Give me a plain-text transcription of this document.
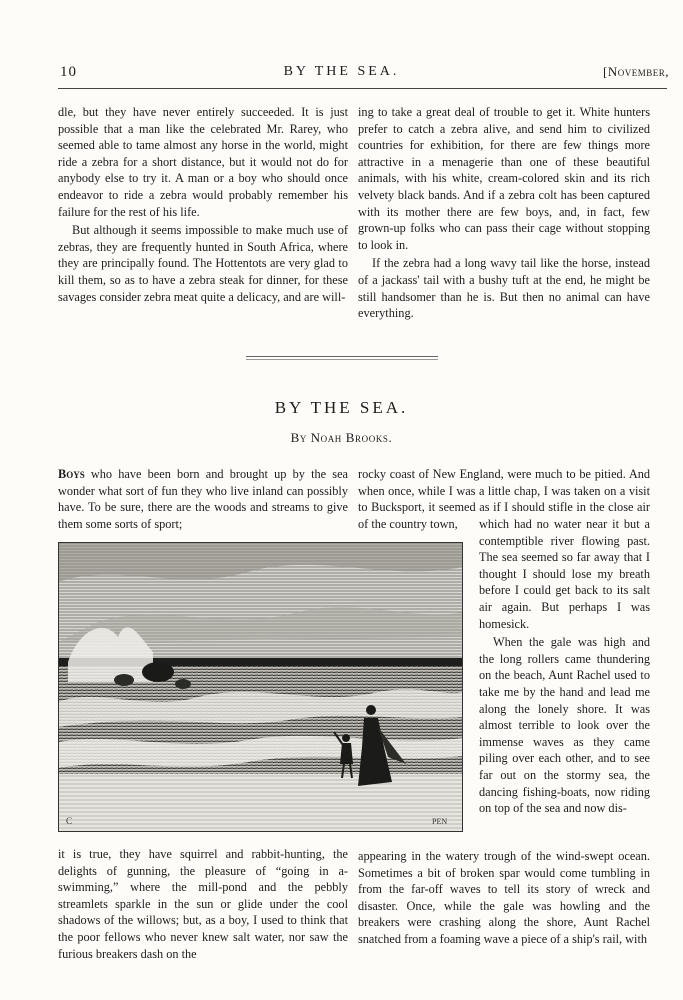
10	BY THE SEA.	[November,

dle, but they have never entirely succeeded. It is just possible that a man like the celebrated Mr. Rarey, who seemed able to tame almost any horse in the world, might ride a zebra for a short distance, but it would not do for anybody else to try it. A man or a boy who should once endeavor to ride a zebra would probably remember his failure for the rest of his life.

But although it seems impossible to make much use of zebras, they are frequently hunted in South Africa, where they are principally found. The Hottentots are very glad to kill them, so as to have a zebra steak for dinner, for these savages consider zebra meat quite a delicacy, and are will-

ing to take a great deal of trouble to get it. White hunters prefer to catch a zebra alive, and send him to civilized countries for exhibition, for there are few things more attractive in a menagerie than one of these beautiful animals, with his white, cream-colored skin and its rich velvety black bands. And if a zebra colt has been captured with its mother there are few boys, and, in fact, few grown-up folks who can pass their cage without stopping to look in.

If the zebra had a long wavy tail like the horse, instead of a jackass' tail with a bushy tuft at the end, he might be still handsomer than he is. But then no animal can have everything.

BY THE SEA.
By Noah Brooks.

Boys who have been born and brought up by the sea wonder what sort of fun they who live inland can possibly have. To be sure, there are the woods and streams to give them some sorts of sport;

rocky coast of New England, were much to be pitied. And when once, while I was a little chap, I was taken on a visit to Bucksport, it seemed as if I should stifle in the close air of the country town,	which had no water near it but a contemptible river flowing past. The sea seemed so far away that I thought I should lose my breath before I could get back to its salt air again. But perhaps I was homesick.

When the gale was high and the long rollers came thundering on the beach, Aunt Rachel used to take me by the hand and lead me along the lonely shore. It was almost terrible to look over the immense waves as they came piling over each other, and to see far out on the stormy sea, the dancing fishing-boats, now riding on top of the sea and now dis-

C	PEN

it is true, they have squirrel and rabbit-hunting, the delights of gunning, the pleasure of “going in a-swimming,” where the mill-pond and the pebbly streamlets sparkle in the sun or glide under the cool shadows of the willows; but, as a boy, I used to think that the poor fellows who never knew salt water, nor saw the furious breakers dash on the

appearing in the watery trough of the wind-swept ocean. Sometimes a bit of broken spar would come tumbling in from the far-off waves to tell its story of wreck and disaster. Once, while the gale was howling and the breakers were crashing along the shore, Aunt Rachel snatched from a foaming wave a piece of a ship's rail, with
